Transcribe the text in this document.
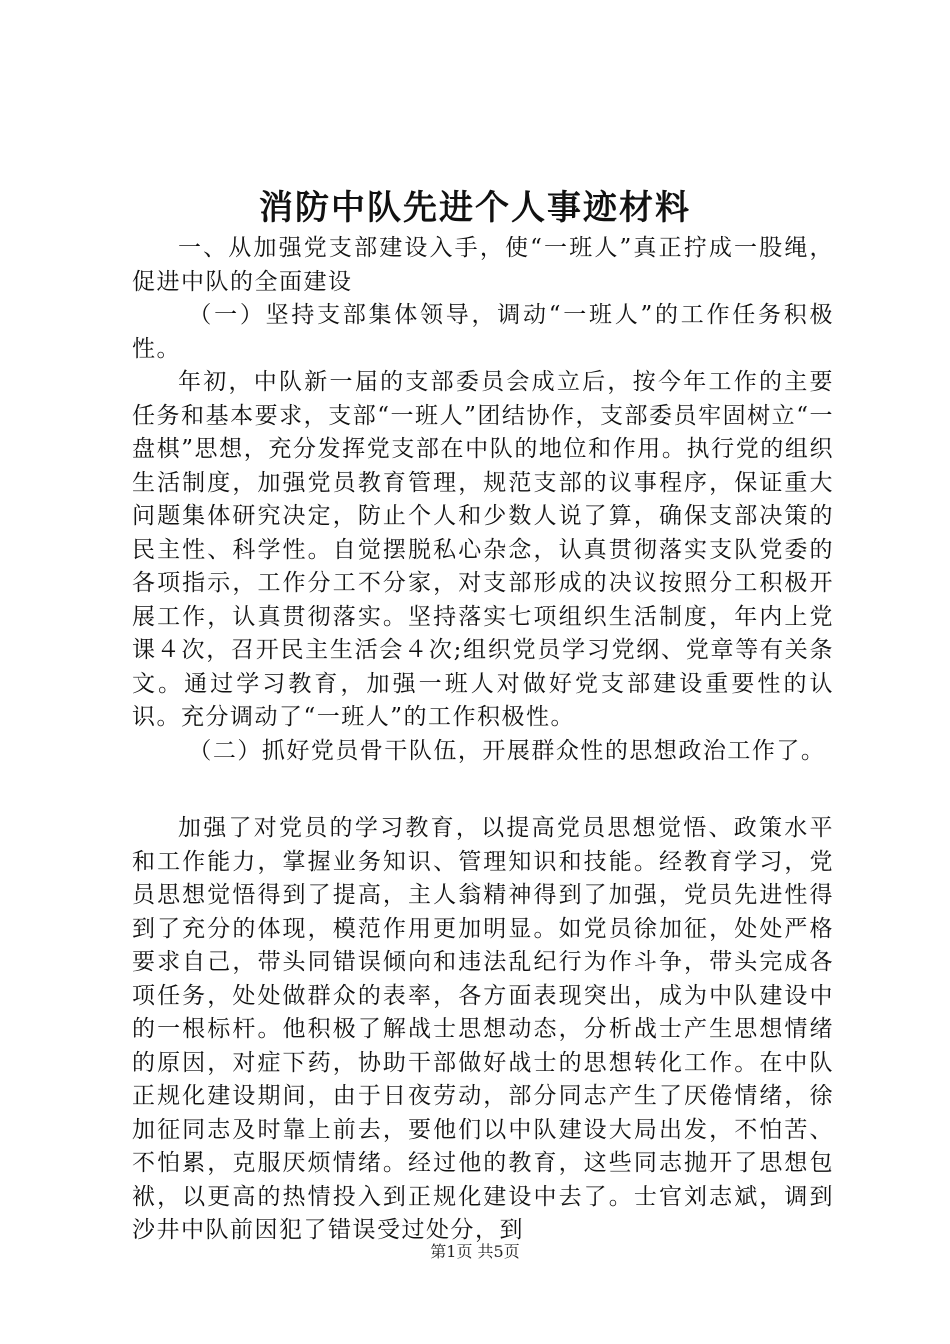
消防中队先进个人事迹材料

一、从加强党支部建设入手，使“一班人”真正拧成一股绳，促进中队的全面建设

（一）坚持支部集体领导，调动“一班人”的工作任务积极性。

年初，中队新一届的支部委员会成立后，按今年工作的主要任务和基本要求，支部“一班人”团结协作，支部委员牢固树立“一盘棋”思想，充分发挥党支部在中队的地位和作用。执行党的组织生活制度，加强党员教育管理，规范支部的议事程序，保证重大问题集体研究决定，防止个人和少数人说了算，确保支部决策的民主性、科学性。自觉摆脱私心杂念，认真贯彻落实支队党委的各项指示，工作分工不分家，对支部形成的决议按照分工积极开展工作，认真贯彻落实。坚持落实七项组织生活制度，年内上党课４次，召开民主生活会４次;组织党员学习党纲、党章等有关条文。通过学习教育，加强一班人对做好党支部建设重要性的认识。充分调动了“一班人”的工作积极性。

（二）抓好党员骨干队伍，开展群众性的思想政治工作了。

加强了对党员的学习教育，以提高党员思想觉悟、政策水平和工作能力，掌握业务知识、管理知识和技能。经教育学习，党员思想觉悟得到了提高，主人翁精神得到了加强，党员先进性得到了充分的体现，模范作用更加明显。如党员徐加征，处处严格要求自己，带头同错误倾向和违法乱纪行为作斗争，带头完成各项任务，处处做群众的表率，各方面表现突出，成为中队建设中的一根标杆。他积极了解战士思想动态，分析战士产生思想情绪的原因，对症下药，协助干部做好战士的思想转化工作。在中队正规化建设期间，由于日夜劳动，部分同志产生了厌倦情绪，徐加征同志及时靠上前去，要他们以中队建设大局出发，不怕苦、不怕累，克服厌烦情绪。经过他的教育，这些同志抛开了思想包袱，以更高的热情投入到正规化建设中去了。士官刘志斌，调到沙井中队前因犯了错误受过处分，到

第1页 共5页
